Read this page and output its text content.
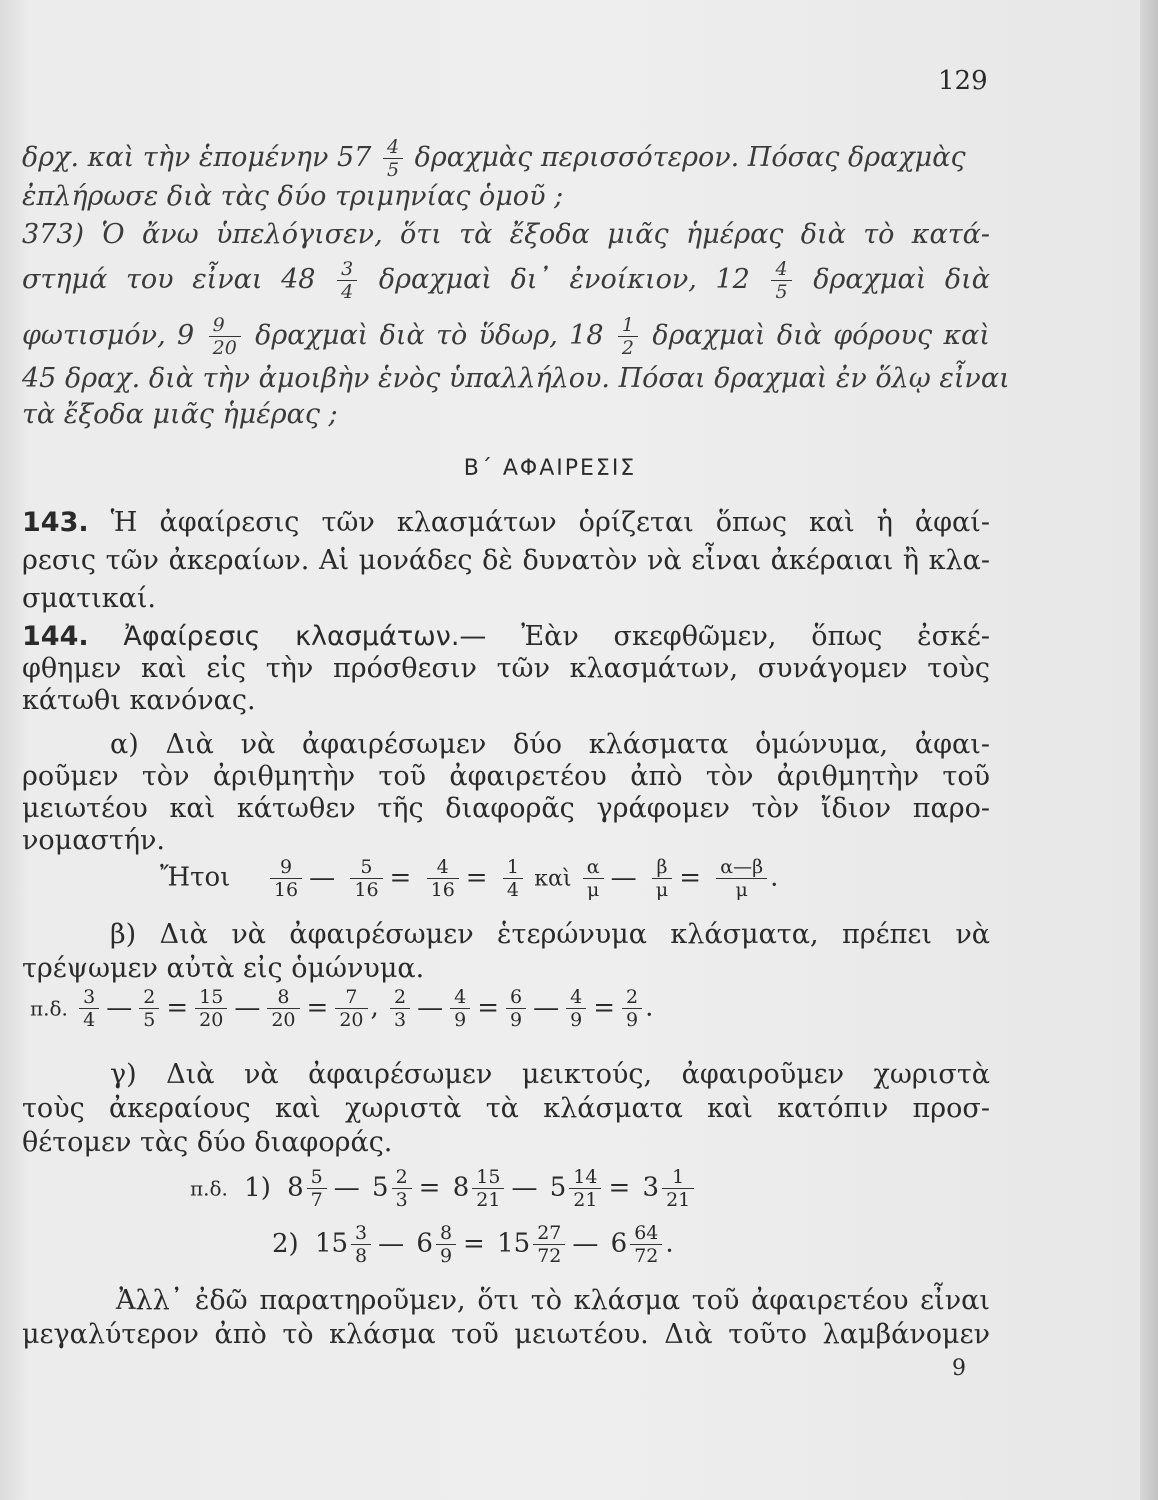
129
δρχ. καὶ τὴν ἑπομένην $57 \frac{4}{5}$ δραχμὰς περισσότερον. Πόσας δραχμὰς
ἐπλήρωσε διὰ τὰς δύο τριμηνίας ὁμοῦ ;
373) Ὁ ἄνω ὑπελόγισεν, ὅτι τὰ ἔξοδα μιᾶς ἡμέρας διὰ τὸ κατά-
στημά του εἶναι $48 \frac{3}{4}$ δραχμαὶ δι᾽ ἐνοίκιον, $12 \frac{4}{5}$ δραχμαὶ διὰ
φωτισμόν, $9 \frac{9}{20}$ δραχμαὶ διὰ τὸ ὕδωρ, $18 \frac{1}{2}$ δραχμαὶ διὰ φόρους καὶ
45 δραχ. διὰ τὴν ἀμοιβὴν ἑνὸς ὑπαλλήλου. Πόσαι δραχμαὶ ἐν ὅλῳ εἶναι
τὰ ἔξοδα μιᾶς ἡμέρας ;
Β΄ ΑΦΑΙΡΕΣΙΣ
143. Ἡ ἀφαίρεσις τῶν κλασμάτων ὁρίζεται ὅπως καὶ ἡ ἀφαί-
ρεσις τῶν ἀκεραίων. Αἱ μονάδες δὲ δυνατὸν νὰ εἶναι ἀκέραιαι ἢ κλα-
σματικαί.
144. Ἀφαίρεσις κλασμάτων.— Ἐὰν σκεφθῶμεν, ὅπως ἐσκέ-
φθημεν καὶ εἰς τὴν πρόσθεσιν τῶν κλασμάτων, συνάγομεν τοὺς
κάτωθι κανόνας.
α) Διὰ νὰ ἀφαιρέσωμεν δύο κλάσματα ὁμώνυμα, ἀφαι-
ροῦμεν τὸν ἀριθμητὴν τοῦ ἀφαιρετέου ἀπὸ τὸν ἀριθμητὴν τοῦ
μειωτέου καὶ κάτωθεν τῆς διαφορᾶς γράφομεν τὸν ἴδιον παρο-
νομαστήν.
Ἤτοι $\frac{9}{16}$ — $\frac{5}{16} = \frac{4}{16} = \frac{1}{4}$ καὶ $\frac{\alpha}{\mu}$ — $\frac{\beta}{\mu} = \frac{\alpha—\beta}{\mu}$ .
β) Διὰ νὰ ἀφαιρέσωμεν ἑτερώνυμα κλάσματα, πρέπει νὰ
τρέψωμεν αὐτὰ εἰς ὁμώνυμα.
π.δ. $\frac{3}{4}$ — $\frac{2}{5} = \frac{15}{20}$ — $\frac{8}{20} = \frac{7}{20}$ , $\frac{2}{3}$ — $\frac{4}{9} = \frac{6}{9}$ — $\frac{4}{9} = \frac{2}{9}$ .
γ) Διὰ νὰ ἀφαιρέσωμεν μεικτούς, ἀφαιροῦμεν χωριστὰ
τοὺς ἀκεραίους καὶ χωριστὰ τὰ κλάσματα καὶ κατόπιν προσ-
θέτομεν τὰς δύο διαφοράς.
π.δ. 1) $8 \frac{5}{7}$ — $5 \frac{2}{3} = 8 \frac{15}{21}$ — $5 \frac{14}{21} = 3 \frac{1}{21}$
2) $15 \frac{3}{8}$ — $6 \frac{8}{9} = 15 \frac{27}{72}$ — $6 \frac{64}{72}$ .
Ἀλλ᾽ ἐδῶ παρατηροῦμεν, ὅτι τὸ κλάσμα τοῦ ἀφαιρετέου εἶναι
μεγαλύτερον ἀπὸ τὸ κλάσμα τοῦ μειωτέου. Διὰ τοῦτο λαμβάνομεν
9
